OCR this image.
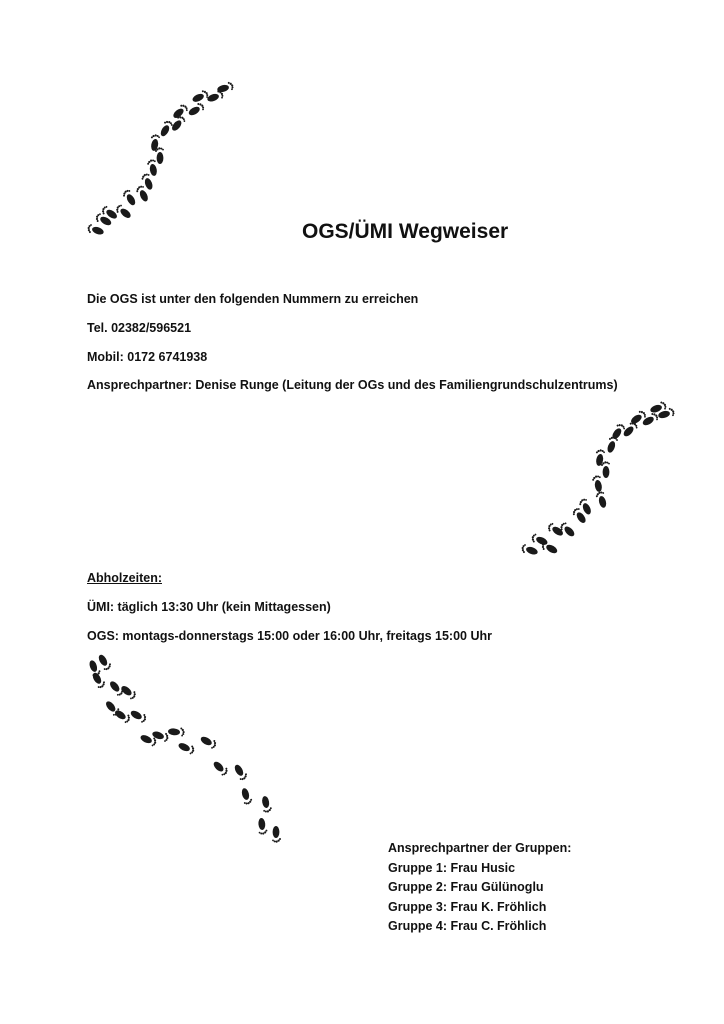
OGS/ÜMI Wegweiser
Die OGS ist unter den folgenden Nummern zu erreichen
Tel. 02382/596521
Mobil: 0172 6741938
Ansprechpartner: Denise Runge (Leitung der OGs und des Familiengrundschulzentrums)
Abholzeiten:
ÜMI: täglich 13:30 Uhr (kein Mittagessen)
OGS: montags-donnerstags 15:00 oder 16:00 Uhr, freitags 15:00 Uhr
Ansprechpartner der Gruppen:
Gruppe 1: Frau Husic
Gruppe 2: Frau Gülünoglu
Gruppe 3: Frau K. Fröhlich
Gruppe 4: Frau C. Fröhlich
